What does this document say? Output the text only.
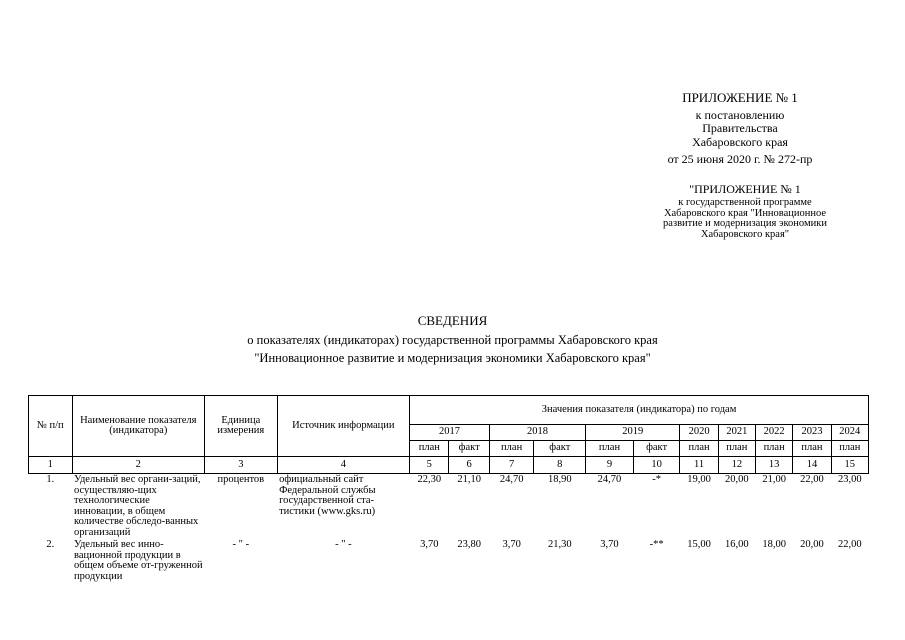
ПРИЛОЖЕНИЕ № 1
к постановлению
Правительства
Хабаровского края
от 25 июня 2020 г. № 272-пр
"ПРИЛОЖЕНИЕ № 1
к государственной программе
Хабаровского края "Инновационное
развитие и модернизация экономики
Хабаровского края"
СВЕДЕНИЯ
о показателях (индикаторах) государственной программы Хабаровского края
"Инновационное развитие и модернизация экономики Хабаровского края"
№ п/п	Наименование показателя (индикатора)	Единица измерения	Источник информации	Значения показателя (индикатора) по годам										
				2017		2018		2019		2020	2021	2022	2023	2024
				план	факт	план	факт	план	факт	план	план	план	план	план
1	2	3	4	5	6	7	8	9	10	11	12	13	14	15
1.	Удельный вес органи-заций, осуществляю-щих технологические инновации, в общем количестве обследо-ванных организаций	процентов	официальный сайт Федеральной службы государственной ста-тистики (www.gks.ru)	22,30	21,10	24,70	18,90	24,70	-*	19,00	20,00	21,00	22,00	23,00
2.	Удельный вес инно-вационной продукции в общем объеме от-груженной продукции	- " -	- " -	3,70	23,80	3,70	21,30	3,70	-**	15,00	16,00	18,00	20,00	22,00
